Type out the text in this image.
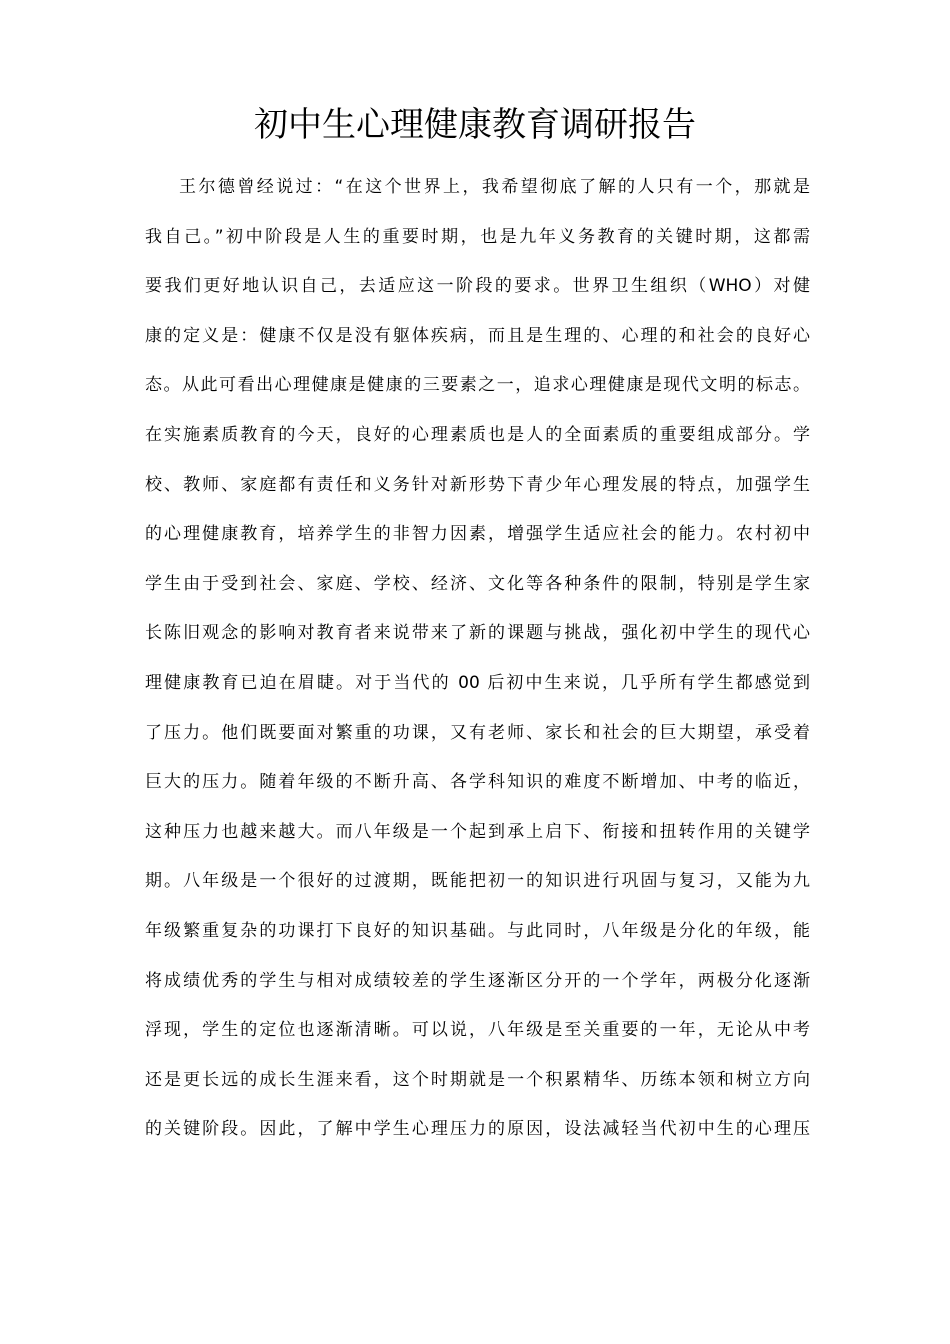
初中生心理健康教育调研报告
王尔德曾经说过：“在这个世界上，我希望彻底了解的人只有一个，那就是
我自己。”初中阶段是人生的重要时期，也是九年义务教育的关键时期，这都需
要我们更好地认识自己，去适应这一阶段的要求。世界卫生组织（WHO）对健
康的定义是：健康不仅是没有躯体疾病，而且是生理的、心理的和社会的良好心
态。从此可看出心理健康是健康的三要素之一，追求心理健康是现代文明的标志。
在实施素质教育的今天，良好的心理素质也是人的全面素质的重要组成部分。学
校、教师、家庭都有责任和义务针对新形势下青少年心理发展的特点，加强学生
的心理健康教育，培养学生的非智力因素，增强学生适应社会的能力。农村初中
学生由于受到社会、家庭、学校、经济、文化等各种条件的限制，特别是学生家
长陈旧观念的影响对教育者来说带来了新的课题与挑战，强化初中学生的现代心
理健康教育已迫在眉睫。对于当代的 00 后初中生来说，几乎所有学生都感觉到
了压力。他们既要面对繁重的功课，又有老师、家长和社会的巨大期望，承受着
巨大的压力。随着年级的不断升高、各学科知识的难度不断增加、中考的临近，
这种压力也越来越大。而八年级是一个起到承上启下、衔接和扭转作用的关键学
期。八年级是一个很好的过渡期，既能把初一的知识进行巩固与复习，又能为九
年级繁重复杂的功课打下良好的知识基础。与此同时，八年级是分化的年级，能
将成绩优秀的学生与相对成绩较差的学生逐渐区分开的一个学年，两极分化逐渐
浮现，学生的定位也逐渐清晰。可以说，八年级是至关重要的一年，无论从中考
还是更长远的成长生涯来看，这个时期就是一个积累精华、历练本领和树立方向
的关键阶段。因此，了解中学生心理压力的原因，设法减轻当代初中生的心理压
